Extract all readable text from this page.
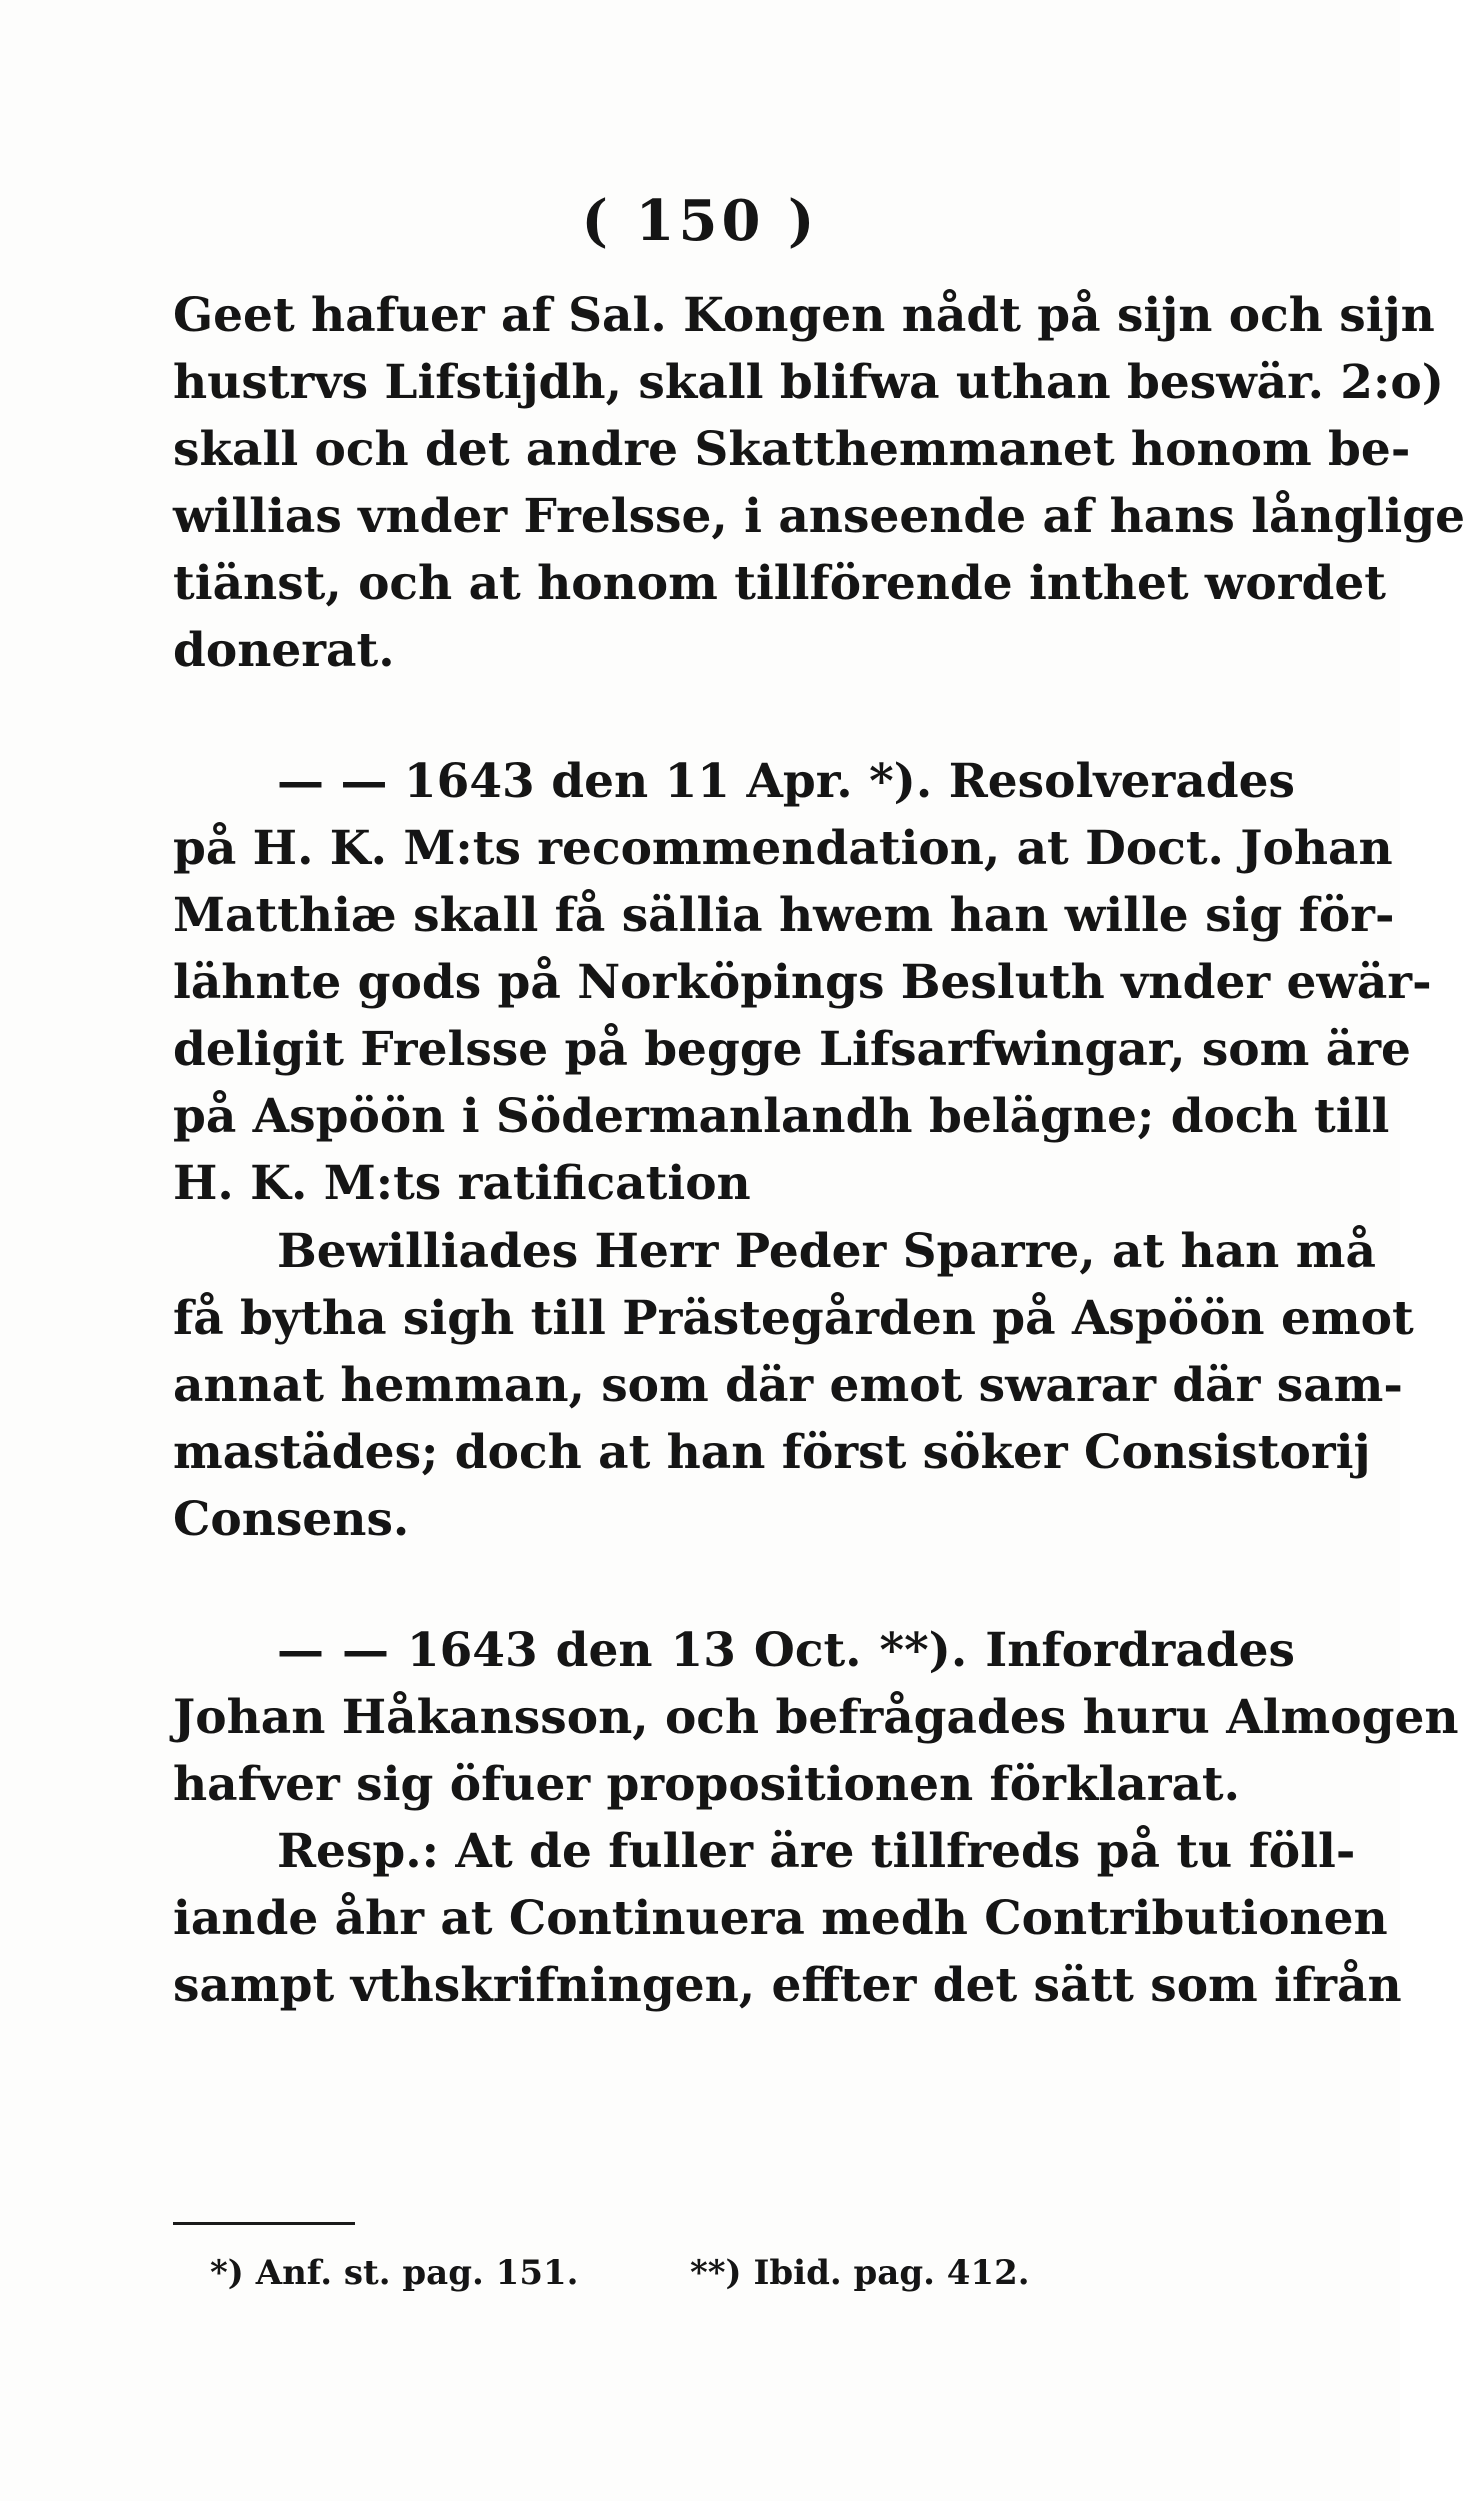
( 150 )
Geet hafuer af Sal. Kongen nådt på sijn och sijn
hustrvs Lifstijdh, skall blifwa uthan beswär. 2:o)
skall och det andre Skatthemmanet honom be-
willias vnder Frelsse, i anseende af hans långlige
tiänst, och at honom tillförende inthet wordet
donerat.
— — 1643 den 11 Apr. *). Resolverades
på H. K. M:ts recommendation, at Doct. Johan
Matthiæ skall få sällia hwem han wille sig för-
lähnte gods på Norköpings Besluth vnder ewär-
deligit Frelsse på begge Lifsarfwingar, som äre
på Aspöön i Södermanlandh belägne; doch till
H. K. M:ts ratification
Bewilliades Herr Peder Sparre, at han må
få bytha sigh till Prästegården på Aspöön emot
annat hemman, som där emot swarar där sam-
mastädes; doch at han först söker Consistorij
Consens.
— — 1643 den 13 Oct. **). Infordrades
Johan Håkansson, och befrågades huru Almogen
hafver sig öfuer propositionen förklarat.
Resp.: At de fuller äre tillfreds på tu föll-
iande åhr at Continuera medh Contributionen
sampt vthskrifningen, effter det sätt som ifrån
*) Anf. st. pag. 151.	**) Ibid. pag. 412.
